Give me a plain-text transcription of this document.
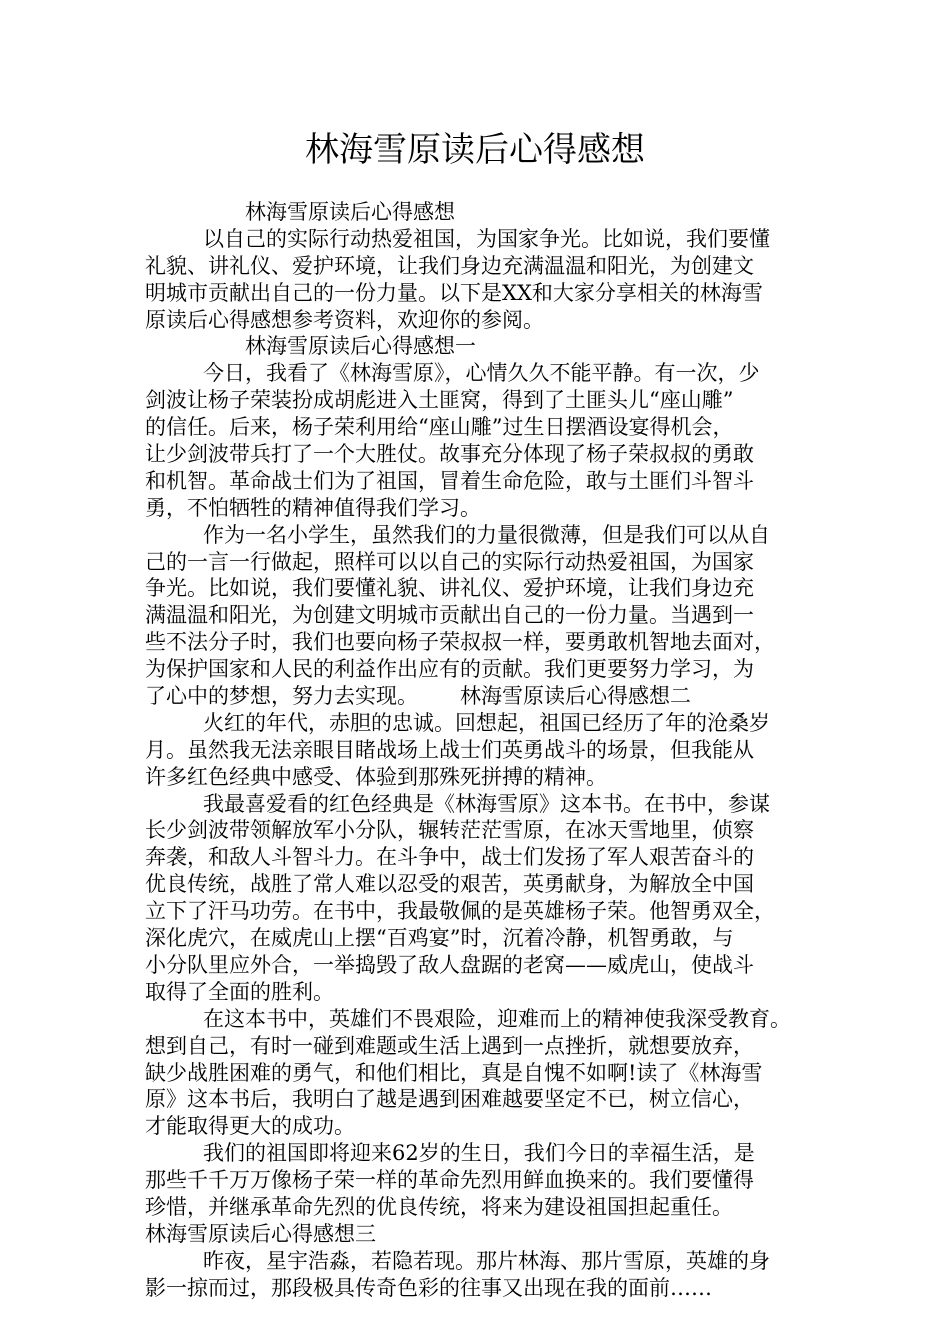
林海雪原读后心得感想
林海雪原读后心得感想
以自己的实际行动热爱祖国，为国家争光。比如说，我们要懂
礼貌、讲礼仪、爱护环境，让我们身边充满温温和阳光，为创建文
明城市贡献出自己的一份力量。以下是XX和大家分享相关的林海雪
原读后心得感想参考资料，欢迎你的参阅。
林海雪原读后心得感想一
今日，我看了《林海雪原》，心情久久不能平静。有一次，少
剑波让杨子荣装扮成胡彪进入土匪窝，得到了土匪头儿“座山雕”
的信任。后来，杨子荣利用给“座山雕”过生日摆酒设宴得机会，
让少剑波带兵打了一个大胜仗。故事充分体现了杨子荣叔叔的勇敢
和机智。革命战士们为了祖国，冒着生命危险，敢与土匪们斗智斗
勇，不怕牺牲的精神值得我们学习。
作为一名小学生，虽然我们的力量很微薄，但是我们可以从自
己的一言一行做起，照样可以以自己的实际行动热爱祖国，为国家
争光。比如说，我们要懂礼貌、讲礼仪、爱护环境，让我们身边充
满温温和阳光，为创建文明城市贡献出自己的一份力量。当遇到一
些不法分子时，我们也要向杨子荣叔叔一样，要勇敢机智地去面对，
为保护国家和人民的利益作出应有的贡献。我们更要努力学习，为
了心中的梦想，努力去实现。 林海雪原读后心得感想二
火红的年代，赤胆的忠诚。回想起，祖国已经历了年的沧桑岁
月。虽然我无法亲眼目睹战场上战士们英勇战斗的场景，但我能从
许多红色经典中感受、体验到那殊死拼搏的精神。
我最喜爱看的红色经典是《林海雪原》这本书。在书中，参谋
长少剑波带领解放军小分队，辗转茫茫雪原，在冰天雪地里，侦察
奔袭，和敌人斗智斗力。在斗争中，战士们发扬了军人艰苦奋斗的
优良传统，战胜了常人难以忍受的艰苦，英勇献身，为解放全中国
立下了汗马功劳。在书中，我最敬佩的是英雄杨子荣。他智勇双全，
深化虎穴，在威虎山上摆“百鸡宴”时，沉着冷静，机智勇敢，与
小分队里应外合，一举捣毁了敌人盘踞的老窝——威虎山，使战斗
取得了全面的胜利。
在这本书中，英雄们不畏艰险，迎难而上的精神使我深受教育。
想到自己，有时一碰到难题或生活上遇到一点挫折，就想要放弃，
缺少战胜困难的勇气，和他们相比，真是自愧不如啊!读了《林海雪
原》这本书后，我明白了越是遇到困难越要坚定不已，树立信心，
才能取得更大的成功。
我们的祖国即将迎来62岁的生日，我们今日的幸福生活，是
那些千千万万像杨子荣一样的革命先烈用鲜血换来的。我们要懂得
珍惜，并继承革命先烈的优良传统，将来为建设祖国担起重任。
林海雪原读后心得感想三
昨夜，星宇浩淼，若隐若现。那片林海、那片雪原，英雄的身
影一掠而过，那段极具传奇色彩的往事又出现在我的面前……
